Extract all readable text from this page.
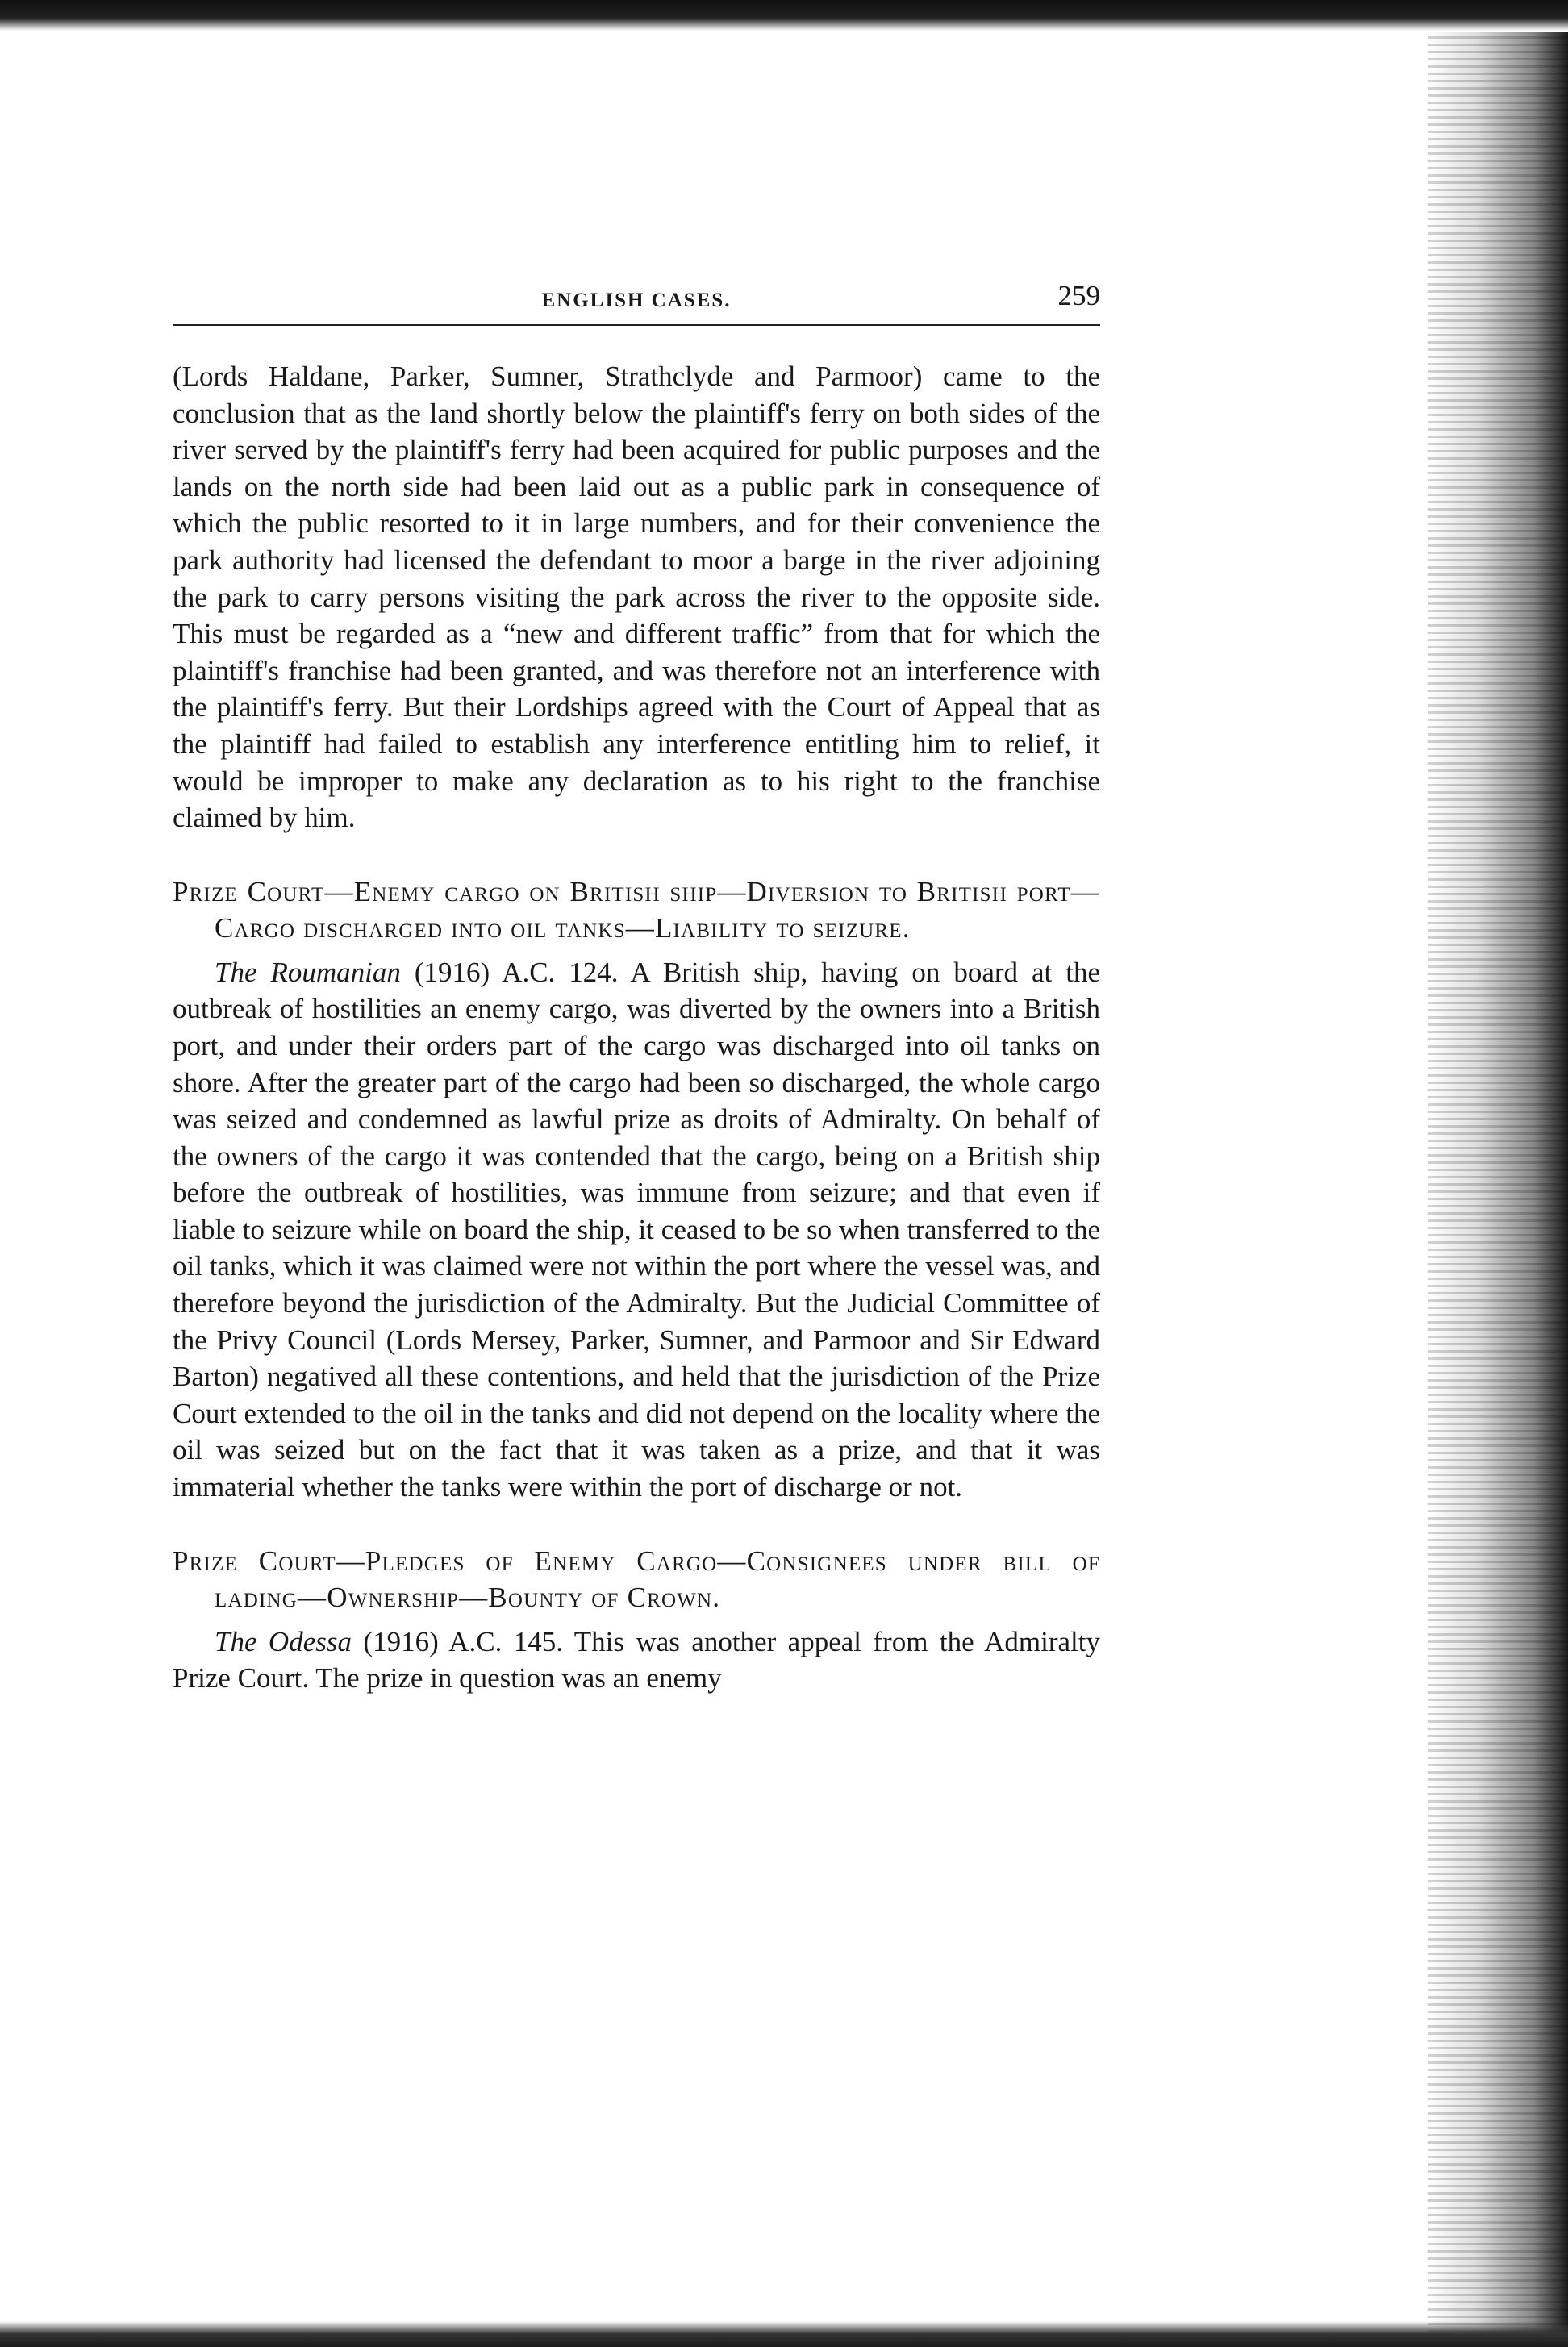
ENGLISH CASES.	259

(Lords Haldane, Parker, Sumner, Strathclyde and Parmoor) came to the conclusion that as the land shortly below the plaintiff's ferry on both sides of the river served by the plaintiff's ferry had been acquired for public purposes and the lands on the north side had been laid out as a public park in consequence of which the public resorted to it in large numbers, and for their convenience the park authority had licensed the defendant to moor a barge in the river adjoining the park to carry persons visiting the park across the river to the opposite side. This must be regarded as a “new and different traffic” from that for which the plaintiff's franchise had been granted, and was therefore not an interference with the plaintiff's ferry. But their Lordships agreed with the Court of Appeal that as the plaintiff had failed to establish any interference entitling him to relief, it would be improper to make any declaration as to his right to the franchise claimed by him.

Prize Court—Enemy cargo on British ship—Diversion to British port—Cargo discharged into oil tanks—Liability to seizure.

The Roumanian (1916) A.C. 124. A British ship, having on board at the outbreak of hostilities an enemy cargo, was diverted by the owners into a British port, and under their orders part of the cargo was discharged into oil tanks on shore. After the greater part of the cargo had been so discharged, the whole cargo was seized and condemned as lawful prize as droits of Admiralty. On behalf of the owners of the cargo it was contended that the cargo, being on a British ship before the outbreak of hostilities, was immune from seizure; and that even if liable to seizure while on board the ship, it ceased to be so when transferred to the oil tanks, which it was claimed were not within the port where the vessel was, and therefore beyond the jurisdiction of the Admiralty. But the Judicial Committee of the Privy Council (Lords Mersey, Parker, Sumner, and Parmoor and Sir Edward Barton) negatived all these contentions, and held that the jurisdiction of the Prize Court extended to the oil in the tanks and did not depend on the locality where the oil was seized but on the fact that it was taken as a prize, and that it was immaterial whether the tanks were within the port of discharge or not.

Prize Court—Pledges of Enemy Cargo—Consignees under bill of lading—Ownership—Bounty of Crown.

The Odessa (1916) A.C. 145. This was another appeal from the Admiralty Prize Court. The prize in question was an enemy
